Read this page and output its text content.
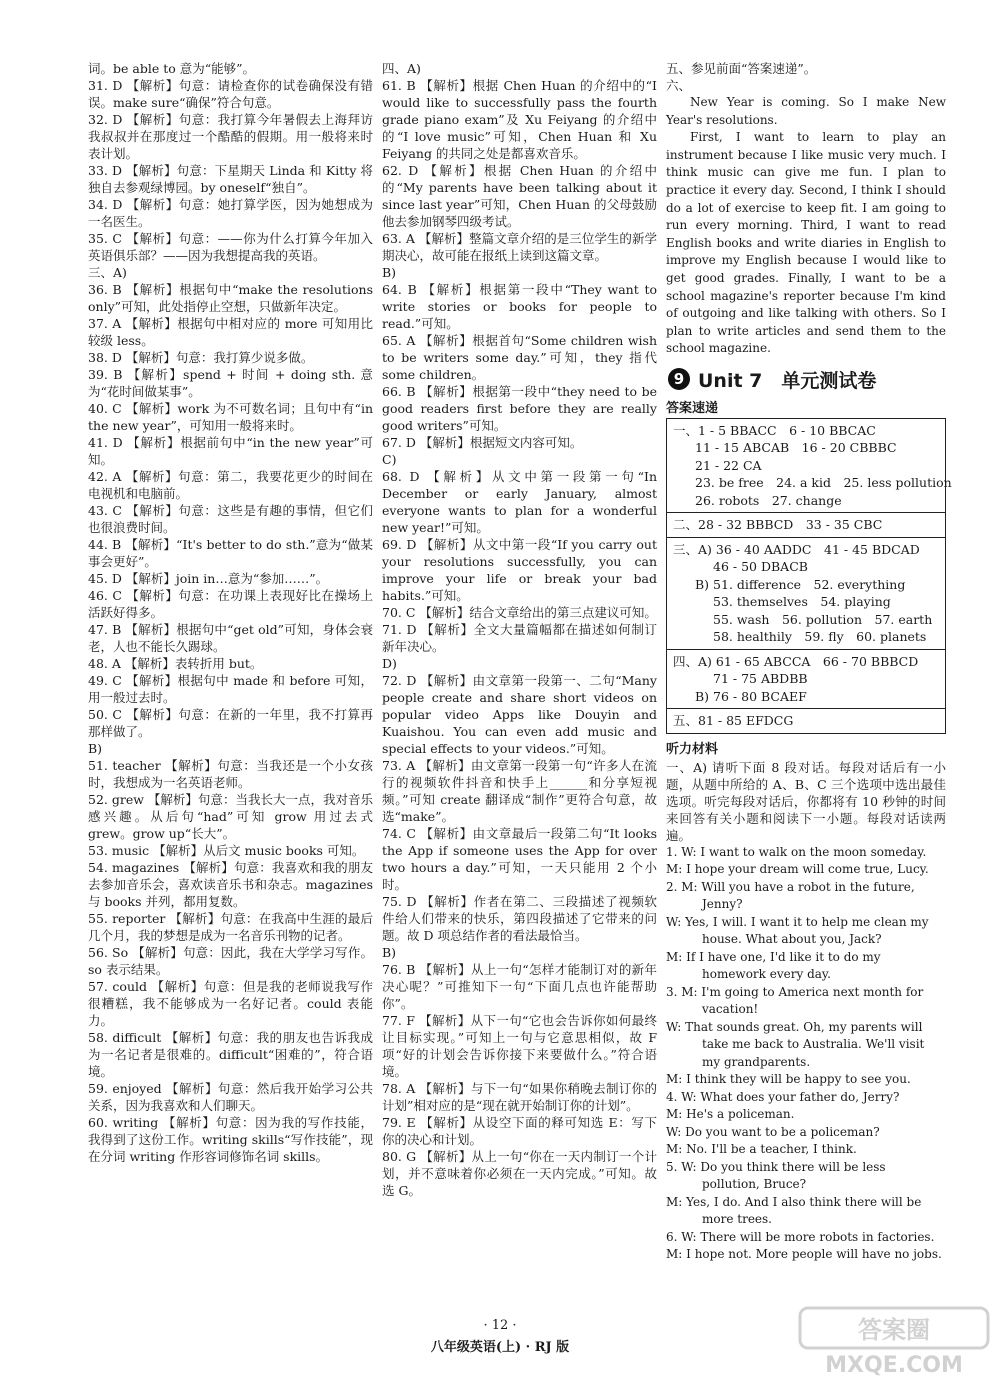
词。be able to 意为“能够”。

31. D 【解析】句意：请检查你的试卷确保没有错误。make sure“确保”符合句意。

32. D 【解析】句意：我打算今年暑假去上海拜访我叔叔并在那度过一个酷酷的假期。用一般将来时表计划。

33. D 【解析】句意：下星期天 Linda 和 Kitty 将独自去参观绿博园。by oneself“独自”。

34. D 【解析】句意：她打算学医，因为她想成为一名医生。

35. C 【解析】句意：——你为什么打算今年加入英语俱乐部？——因为我想提高我的英语。

三、A)

36. B 【解析】根据句中“make the resolutions only”可知，此处指停止空想，只做新年决定。

37. A 【解析】根据句中相对应的 more 可知用比较级 less。

38. D 【解析】句意：我打算少说多做。

39. B 【解析】spend + 时间 + doing sth. 意为“花时间做某事”。

40. C 【解析】work 为不可数名词；且句中有“in the new year”，可知用一般将来时。

41. D 【解析】根据前句中“in the new year”可知。

42. A 【解析】句意：第二，我要花更少的时间在电视机和电脑前。

43. C 【解析】句意：这些是有趣的事情，但它们也很浪费时间。

44. B 【解析】“It's better to do sth.”意为“做某事会更好”。

45. D 【解析】join in…意为“参加……”。

46. C 【解析】句意：在功课上表现好比在操场上活跃好得多。

47. B 【解析】根据句中“get old”可知，身体会衰老，人也不能长久踢球。

48. A 【解析】表转折用 but。

49. C 【解析】根据句中 made 和 before 可知，用一般过去时。

50. C 【解析】句意：在新的一年里，我不打算再那样做了。

B)

51. teacher 【解析】句意：当我还是一个小女孩时，我想成为一名英语老师。

52. grew 【解析】句意：当我长大一点，我对音乐感兴趣。从后句“had”可知 grow 用过去式 grew。grow up“长大”。

53. music 【解析】从后文 music books 可知。

54. magazines 【解析】句意：我喜欢和我的朋友去参加音乐会，喜欢读音乐书和杂志。magazines 与 books 并列，都用复数。

55. reporter 【解析】句意：在我高中生涯的最后几个月，我的梦想是成为一名音乐刊物的记者。

56. So 【解析】句意：因此，我在大学学习写作。so 表示结果。

57. could 【解析】句意：但是我的老师说我写作很糟糕，我不能够成为一名好记者。could 表能力。

58. difficult 【解析】句意：我的朋友也告诉我成为一名记者是很难的。difficult“困难的”，符合语境。

59. enjoyed 【解析】句意：然后我开始学习公共关系，因为我喜欢和人们聊天。

60. writing 【解析】句意：因为我的写作技能，我得到了这份工作。writing skills“写作技能”，现在分词 writing 作形容词修饰名词 skills。

四、A)

61. B 【解析】根据 Chen Huan 的介绍中的“I would like to successfully pass the fourth grade piano exam”及 Xu Feiyang 的介绍中的“I love music”可知，Chen Huan 和 Xu Feiyang 的共同之处是都喜欢音乐。

62. D 【解析】根据 Chen Huan 的介绍中的“My parents have been talking about it since last year”可知，Chen Huan 的父母鼓励他去参加钢琴四级考试。

63. A 【解析】整篇文章介绍的是三位学生的新学期决心，故可能在报纸上读到这篇文章。

B)

64. B 【解析】根据第一段中“They want to write stories or books for people to read.”可知。

65. A 【解析】根据首句“Some children wish to be writers some day.”可知，they 指代 some children。

66. B 【解析】根据第一段中“they need to be good readers first before they are really good writers”可知。

67. D 【解析】根据短文内容可知。

C)

68. D 【解析】从文中第一段第一句“In December or early January, almost everyone wants to plan for a wonderful new year!”可知。

69. D 【解析】从文中第一段“If you carry out your resolutions successfully, you can improve your life or break your bad habits.”可知。

70. C 【解析】结合文章给出的第三点建议可知。

71. D 【解析】全文大量篇幅都在描述如何制订新年决心。

D)

72. D 【解析】由文章第一段第一、二句“Many people create and share short videos on popular video Apps like Douyin and Kuaishou. You can even add music and special effects to your videos.”可知。

73. A 【解析】由文章第一段第一句“许多人在流行的视频软件抖音和快手上______和分享短视频。”可知 create 翻译成“制作”更符合句意，故选“make”。

74. C 【解析】由文章最后一段第二句“It looks the App if someone uses the App for over two hours a day.”可知，一天只能用 2 个小时。

75. D 【解析】作者在第二、三段描述了视频软件给人们带来的快乐，第四段描述了它带来的问题。故 D 项总结作者的看法最恰当。

B)

76. B 【解析】从上一句“怎样才能制订对的新年决心呢？”可推知下一句“下面几点也许能帮助你”。

77. F 【解析】从下一句“它也会告诉你如何最终让目标实现。”可知上一句与它意思相似，故 F 项“好的计划会告诉你接下来要做什么。”符合语境。

78. A 【解析】与下一句“如果你稍晚去制订你的计划”相对应的是“现在就开始制订你的计划”。

79. E 【解析】从设空下面的释可知选 E：写下你的决心和计划。

80. G 【解析】从上一句“你在一天内制订一个计划，并不意味着你必须在一天内完成。”可知。故选 G。

五、参见前面“答案速递”。

六、

New Year is coming. So I make New Year's resolutions.

First, I want to learn to play an instrument because I like music very much. I think music can give me fun. I plan to practice it every day. Second, I think I should do a lot of exercise to keep fit. I am going to run every morning. Third, I want to read English books and write diaries in English to improve my English because I would like to get good grades. Finally, I want to be a school magazine's reporter because I'm kind of outgoing and like talking with others. So I plan to write articles and send them to the school magazine.

9 Unit 7　单元测试卷
答案速递
一、1 - 5 BBACC　6 - 10 BBCAC
11 - 15 ABCAB　16 - 20 CBBBC
21 - 22 CA
23. be free　24. a kid　25. less pollution
26. robots　27. change
二、28 - 32 BBBCD　33 - 35 CBC
三、A) 36 - 40 AADDC　41 - 45 BDCAD
46 - 50 DBACB
B) 51. difference　52. everything
53. themselves　54. playing
55. wash　56. pollution　57. earth
58. healthily　59. fly　60. planets
四、A) 61 - 65 ABCCA　66 - 70 BBBCD
71 - 75 ABDBB
B) 76 - 80 BCAEF
五、81 - 85 EFDCG
听力材料

一、A) 请听下面 8 段对话。每段对话后有一小题，从题中所给的 A、B、C 三个选项中选出最佳选项。听完每段对话后，你都将有 10 秒钟的时间来回答有关小题和阅读下一小题。每段对话读两遍。

1. W: I want to walk on the moon someday.

M: I hope your dream will come true, Lucy.

2. M: Will you have a robot in the future, Jenny?

W: Yes, I will. I want it to help me clean my house. What about you, Jack?

M: If I have one, I'd like it to do my homework every day.

3. M: I'm going to America next month for vacation!

W: That sounds great. Oh, my parents will take me back to Australia. We'll visit my grandparents.

M: I think they will be happy to see you.

4. W: What does your father do, Jerry?

M: He's a policeman.

W: Do you want to be a policeman?

M: No. I'll be a teacher, I think.

5. W: Do you think there will be less pollution, Bruce?

M: Yes, I do. And I also think there will be more trees.

6. W: There will be more robots in factories.

M: I hope not. More people will have no jobs.

· 12 ·
八年级英语(上) · RJ 版
答案圈
MXQE.COM
